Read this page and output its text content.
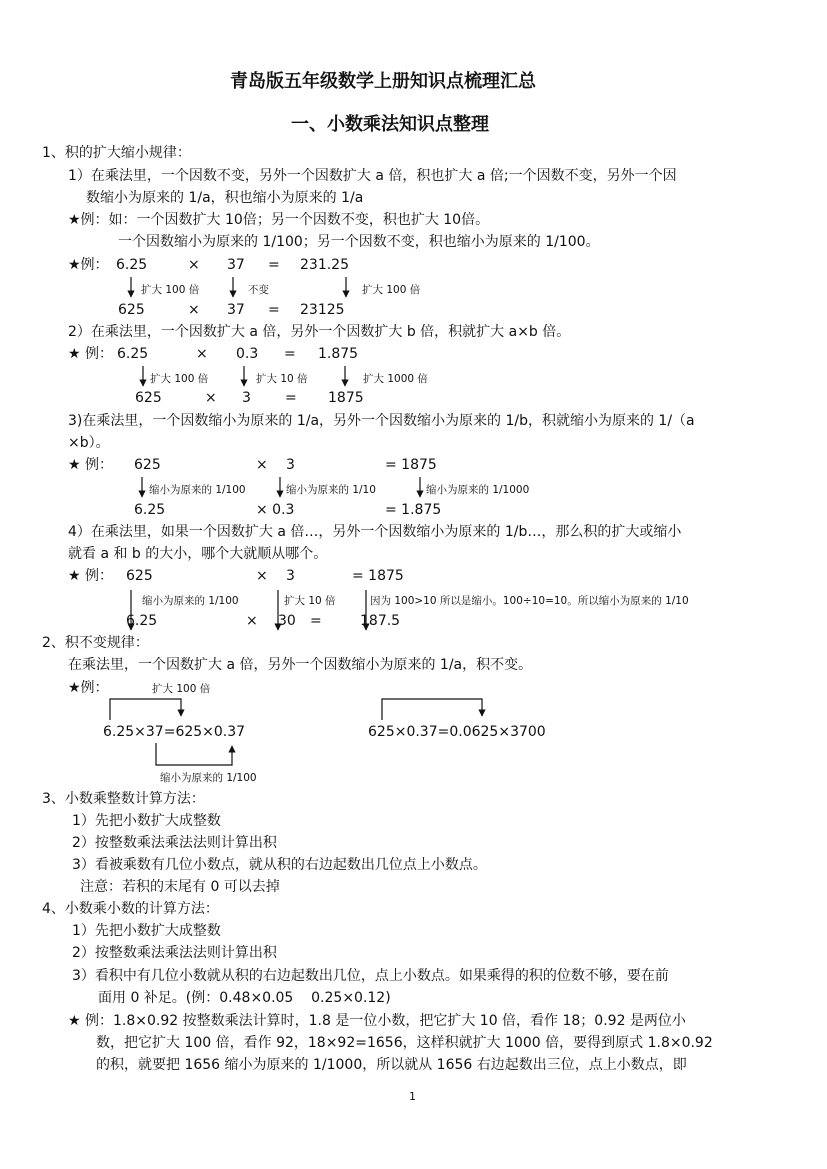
青岛版五年级数学上册知识点梳理汇总
一、小数乘法知识点整理
1、积的扩大缩小规律：
1）在乘法里，一个因数不变，另外一个因数扩大 a 倍，积也扩大 a 倍;一个因数不变，另外一个因
数缩小为原来的 1/a，积也缩小为原来的 1/a
★例：如：一个因数扩大 10倍；另一个因数不变，积也扩大 10倍。
一个因数缩小为原来的 1/100；另一个因数不变，积也缩小为原来的 1/100。
★例： 6.25	× 37 = 231.25
扩大 100 倍	不变	扩大 100 倍
625	× 37 = 23125
2）在乘法里，一个因数扩大 a 倍，另外一个因数扩大 b 倍，积就扩大 a×b 倍。
★ 例： 6.25	× 0.3 = 1.875
扩大 100 倍	扩大 10 倍	扩大 1000 倍
625	× 3 = 1875
3)在乘法里，一个因数缩小为原来的 1/a，另外一个因数缩小为原来的 1/b，积就缩小为原来的 1/（a
×b）。
★ 例： 625	× 3	= 1875
缩小为原来的 1/100	缩小为原来的 1/10	缩小为原来的 1/1000
6.25	× 0.3	= 1.875
4）在乘法里，如果一个因数扩大 a 倍…，另外一个因数缩小为原来的 1/b…，那么积的扩大或缩小
就看 a 和 b 的大小，哪个大就顺从哪个。
★ 例： 625	× 3	= 1875
缩小为原来的 1/100	扩大 10 倍	因为 100>10 所以是缩小。100÷10=10。所以缩小为原来的 1/10
6.25	× 30 =	187.5
2、积不变规律：
在乘法里，一个因数扩大 a 倍，另外一个因数缩小为原来的 1/a，积不变。
★例：	扩大 100 倍
6.25×37=625×0.37	625×0.37=0.0625×3700
缩小为原来的 1/100
3、小数乘整数计算方法：
1）先把小数扩大成整数
2）按整数乘法乘法法则计算出积
3）看被乘数有几位小数点，就从积的右边起数出几位点上小数点。
注意：若积的末尾有 0 可以去掉
4、小数乘小数的计算方法：
1）先把小数扩大成整数
2）按整数乘法乘法法则计算出积
3）看积中有几位小数就从积的右边起数出几位，点上小数点。如果乘得的积的位数不够，要在前
面用 0 补足。(例：0.48×0.05    0.25×0.12)
★ 例：1.8×0.92 按整数乘法计算时，1.8 是一位小数，把它扩大 10 倍，看作 18；0.92 是两位小
数，把它扩大 100 倍，看作 92，18×92=1656，这样积就扩大 1000 倍，要得到原式 1.8×0.92
的积，就要把 1656 缩小为原来的 1/1000，所以就从 1656 右边起数出三位，点上小数点，即
1
